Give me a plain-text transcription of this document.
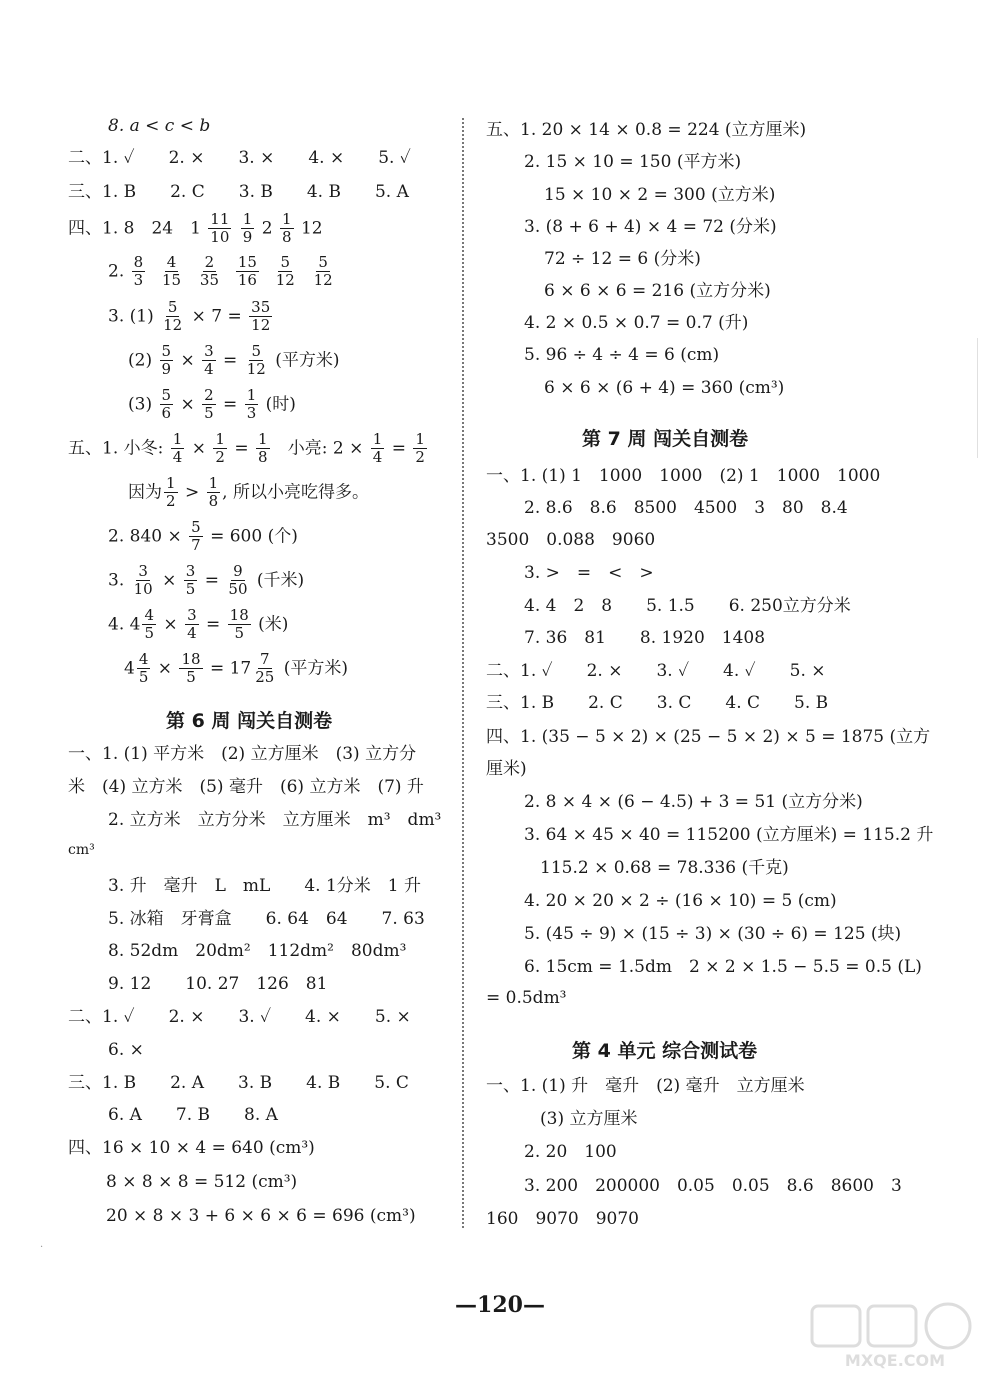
8. a < c < b
二、1. ✓　　2. ×　　3. ×　　4. ×　　5. ✓
三、1. B　　2. C　　3. B　　4. B　　5. A
四、1. 8　24　$1 \frac{11}{10}$
$\frac{1}{9} 2 \frac{1}{8} 12$
2. $\frac{8}{3}$
$\frac{4}{15}$
$\frac{2}{35}$
$\frac{15}{16}$
$\frac{5}{12}$
$\frac{5}{12}$
3. $(1) \frac{5}{12} \times 7 = \frac{35}{12}$
$(2) \frac{5}{9} \times \frac{3}{4} = \frac{5}{12}$ (平方米)
$(3) \frac{5}{6} \times \frac{2}{5} = \frac{1}{3}$ (时)
五、1. 小冬: $\frac{1}{4} \times \frac{1}{2} = \frac{1}{8}$ 小亮: $2 \times \frac{1}{4} = \frac{1}{2}$
因为 $\frac{1}{2} > \frac{1}{8}$ , 所以小亮吃得多。
2. $840 \times \frac{5}{7} = 600$ (个)
3. $\frac{3}{10} \times \frac{3}{5} = \frac{9}{50}$ (千米)
4. $4 \frac{4}{5} \times \frac{3}{4} = \frac{18}{5}$ (米)
$4 \frac{4}{5} \times \frac{18}{5} = 17 \frac{7}{25}$ (平方米)
第 6 周 闯关自测卷
一、1. (1) 平方米　(2) 立方厘米　(3) 立方分
米　(4) 立方米　(5) 毫升　(6) 立方米　(7) 升
2. 立方米　立方分米　立方厘米　m³　dm³
cm³
3. 升　毫升　L　mL　　4. 1分米　1 升
5. 冰箱　牙膏盒　　6. 64　64　　7. 63
8. 52dm　20dm²　112dm²　80dm³
9. 12　　10. 27　126　81
二、1. ✓　　2. ×　　3. ✓　　4. ×　　5. ×
6. ×
三、1. B　　2. A　　3. B　　4. B　　5. C
6. A　　7. B　　8. A
四、16 × 10 × 4 = 640 (cm³)
8 × 8 × 8 = 512 (cm³)
20 × 8 × 3 + 6 × 6 × 6 = 696 (cm³)
五、1. 20 × 14 × 0.8 = 224 (立方厘米)
2. 15 × 10 = 150 (平方米)
15 × 10 × 2 = 300 (立方米)
3. (8 + 6 + 4) × 4 = 72 (分米)
72 ÷ 12 = 6 (分米)
6 × 6 × 6 = 216 (立方分米)
4. 2 × 0.5 × 0.7 = 0.7 (升)
5. 96 ÷ 4 ÷ 4 = 6 (cm)
6 × 6 × (6 + 4) = 360 (cm³)
第 7 周 闯关自测卷
一、1. (1) 1　1000　1000　(2) 1　1000　1000
2. 8.6　8.6　8500　4500　3　80　8.4
3500　0.088　9060
3. >　=　<　>
4. 4　2　8　　5. 1.5　　6. 250立方分米
7. 36　81　　8. 1920　1408
二、1. ✓　　2. ×　　3. ✓　　4. ✓　　5. ×
三、1. B　　2. C　　3. C　　4. C　　5. B
四、1. (35 − 5 × 2) × (25 − 5 × 2) × 5 = 1875 (立方
厘米)
2. 8 × 4 × (6 − 4.5) + 3 = 51 (立方分米)
3. 64 × 45 × 40 = 115200 (立方厘米) = 115.2 升
115.2 × 0.68 = 78.336 (千克)
4. 20 × 20 × 2 ÷ (16 × 10) = 5 (cm)
5. (45 ÷ 9) × (15 ÷ 3) × (30 ÷ 6) = 125 (块)
6. 15cm = 1.5dm　2 × 2 × 1.5 − 5.5 = 0.5 (L)
= 0.5dm³
第 4 单元 综合测试卷
一、1. (1) 升　毫升　(2) 毫升　立方厘米
(3) 立方厘米
2. 20　100
3. 200　200000　0.05　0.05　8.6　8600　3
160　9070　9070
·
—120—
MXQE.COM
